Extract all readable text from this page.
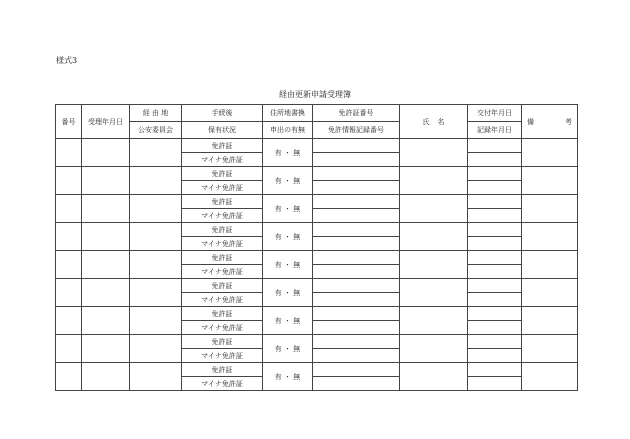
様式3
経由更新申請受理簿
番号	受理年月日	経 由 地	手続後	住所地書換	免許証番号	氏 名	交付年月日	備 考

		公安委員会	保有状況	申出の有無	免許情報記録番号		記録年月日	
			免許証	有 ・ 無				
			マイナ免許証					
			免許証	有 ・ 無				
			マイナ免許証					
			免許証	有 ・ 無				
			マイナ免許証					
			免許証	有 ・ 無				
			マイナ免許証					
			免許証	有 ・ 無				
			マイナ免許証					
			免許証	有 ・ 無				
			マイナ免許証					
			免許証	有 ・ 無				
			マイナ免許証					
			免許証	有 ・ 無				
			マイナ免許証					
			免許証	有 ・ 無				
			マイナ免許証					
